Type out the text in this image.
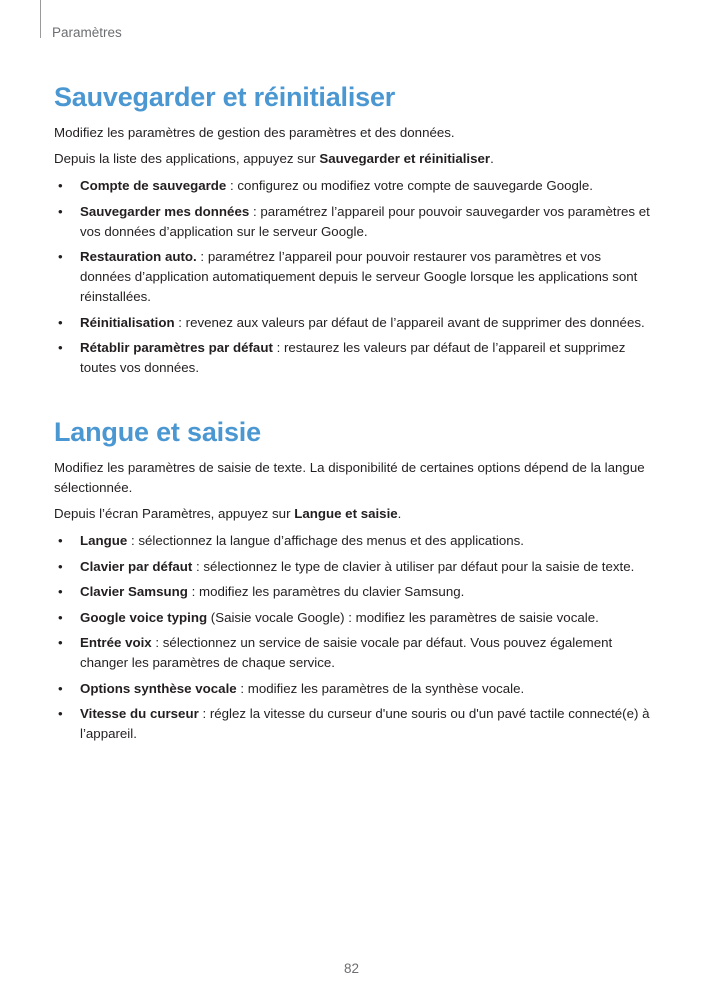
Paramètres
Sauvegarder et réinitialiser

Modifiez les paramètres de gestion des paramètres et des données.

Depuis la liste des applications, appuyez sur Sauvegarder et réinitialiser.

• Compte de sauvegarde : configurez ou modifiez votre compte de sauvegarde Google.
• Sauvegarder mes données : paramétrez l’appareil pour pouvoir sauvegarder vos paramètres et vos données d’application sur le serveur Google.
• Restauration auto. : paramétrez l’appareil pour pouvoir restaurer vos paramètres et vos données d’application automatiquement depuis le serveur Google lorsque les applications sont réinstallées.
• Réinitialisation : revenez aux valeurs par défaut de l’appareil avant de supprimer des données.
• Rétablir paramètres par défaut : restaurez les valeurs par défaut de l’appareil et supprimez toutes vos données.
Langue et saisie

Modifiez les paramètres de saisie de texte. La disponibilité de certaines options dépend de la langue sélectionnée.

Depuis l’écran Paramètres, appuyez sur Langue et saisie.

• Langue : sélectionnez la langue d’affichage des menus et des applications.
• Clavier par défaut : sélectionnez le type de clavier à utiliser par défaut pour la saisie de texte.
• Clavier Samsung : modifiez les paramètres du clavier Samsung.
• Google voice typing (Saisie vocale Google) : modifiez les paramètres de saisie vocale.
• Entrée voix : sélectionnez un service de saisie vocale par défaut. Vous pouvez également changer les paramètres de chaque service.
• Options synthèse vocale : modifiez les paramètres de la synthèse vocale.
• Vitesse du curseur : réglez la vitesse du curseur d'une souris ou d'un pavé tactile connecté(e) à l’appareil.
82
